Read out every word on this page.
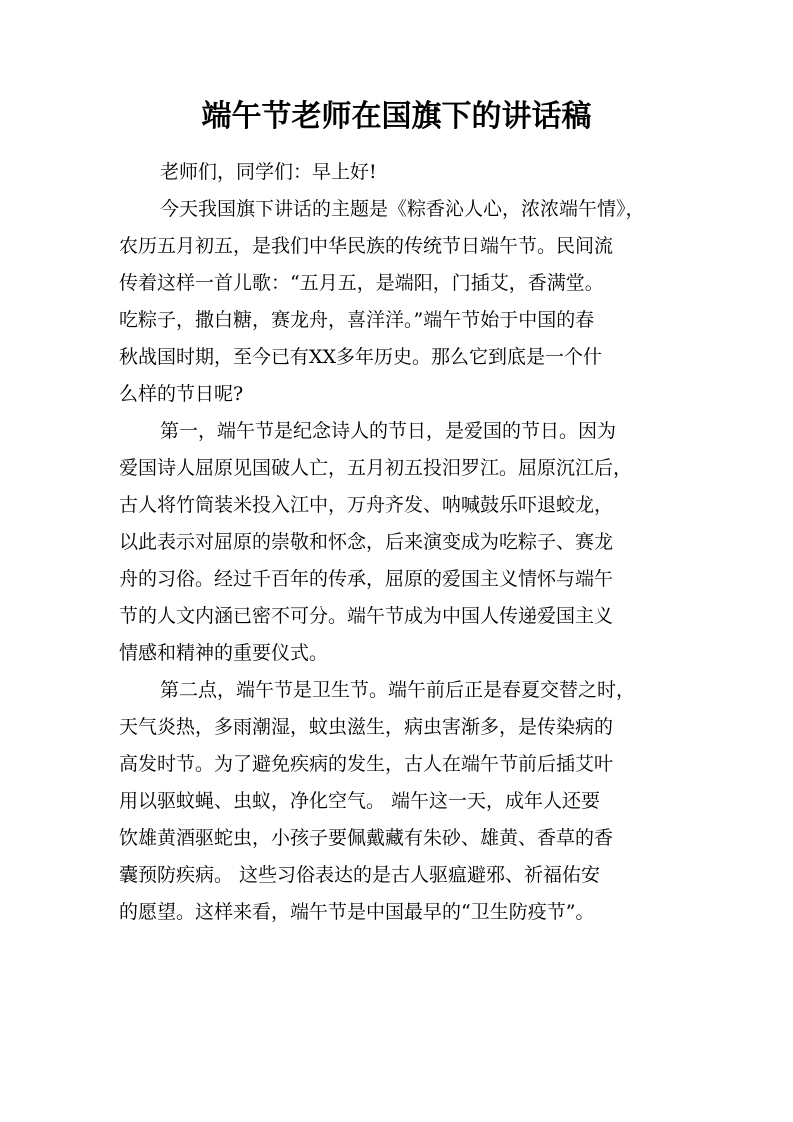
端午节老师在国旗下的讲话稿
老师们，同学们：早上好!
今天我国旗下讲话的主题是《粽香沁人心，浓浓端午情》，
农历五月初五，是我们中华民族的传统节日端午节。民间流
传着这样一首儿歌：“五月五，是端阳，门插艾，香满堂。
吃粽子，撒白糖，赛龙舟，喜洋洋。”端午节始于中国的春
秋战国时期，至今已有XX多年历史。那么它到底是一个什
么样的节日呢?
第一，端午节是纪念诗人的节日，是爱国的节日。因为
爱国诗人屈原见国破人亡，五月初五投汨罗江。屈原沉江后，
古人将竹筒装米投入江中，万舟齐发、呐喊鼓乐吓退蛟龙，
以此表示对屈原的崇敬和怀念，后来演变成为吃粽子、赛龙
舟的习俗。经过千百年的传承，屈原的爱国主义情怀与端午
节的人文内涵已密不可分。端午节成为中国人传递爱国主义
情感和精神的重要仪式。
第二点，端午节是卫生节。端午前后正是春夏交替之时，
天气炎热，多雨潮湿，蚊虫滋生，病虫害渐多，是传染病的
高发时节。为了避免疾病的发生，古人在端午节前后插艾叶
用以驱蚊蝇、虫蚁，净化空气。 端午这一天，成年人还要
饮雄黄酒驱蛇虫，小孩子要佩戴藏有朱砂、雄黄、香草的香
囊预防疾病。 这些习俗表达的是古人驱瘟避邪、祈福佑安
的愿望。这样来看，端午节是中国最早的“卫生防疫节”。
